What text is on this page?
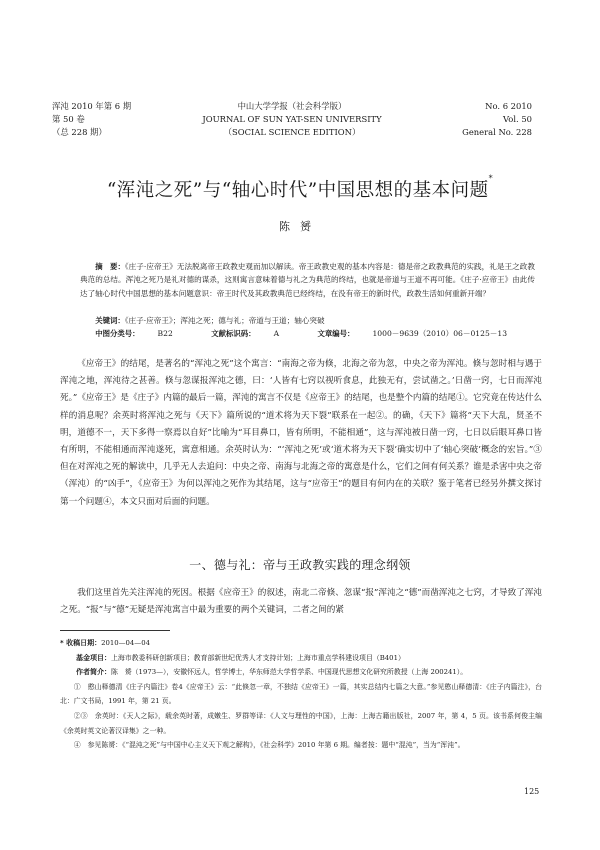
浑沌 2010 年第 6 期
第 50 卷
（总 228 期）
中山大学学报（社会科学版）
JOURNAL OF SUN YAT-SEN UNIVERSITY
（SOCIAL SCIENCE EDITION）
No. 6 2010
Vol. 50
General No. 228
“浑沌之死”与“轴心时代”中国思想的基本问题*
陈赟

摘　要：《庄子·应帝王》无法脱离帝王政教史观而加以解读。帝王政教史观的基本内容是：德是帝之政教典范的实践，礼是王之政教典范的总结。浑沌之死乃是礼对德的谋杀，这则寓言意味着德与礼之为典范的终结，也就是帝道与王道不再可能。《庄子·应帝王》由此传达了轴心时代中国思想的基本问题意识：帝王时代及其政教典范已经终结，在没有帝王的新时代，政教生活如何重新开端？

关键词：《庄子·应帝王》；浑沌之死；德与礼；帝道与王道；轴心突破
中图分类号： B22	文献标识码： A	文章编号： 1000－9639（2010）06－0125－13

《应帝王》的结尾，是著名的“浑沌之死”这个寓言：“南海之帝为倏，北海之帝为忽，中央之帝为浑沌。倏与忽时相与遇于浑沌之地，浑沌待之甚善。倏与忽谋报浑沌之德，曰：‘人皆有七窍以视听食息，此独无有，尝试凿之。’日凿一窍，七日而浑沌死。”《应帝王》是《庄子》内篇的最后一篇，浑沌的寓言不仅是《应帝王》的结尾，也是整个内篇的结尾①。它究竟在传达什么样的消息呢？余英时将浑沌之死与《天下》篇所说的“道术将为天下裂”联系在一起②。的确，《天下》篇将“天下大乱，贤圣不明，道德不一，天下多得一察焉以自好”比喻为“耳目鼻口，皆有所明，不能相通”，这与浑沌被日凿一窍，七日以后眼耳鼻口皆有所明，不能相通而浑沌遂死，寓意相通。余英时认为：“‘浑沌之死’或‘道术将为天下裂’确实切中了‘轴心突破’概念的宏旨。”③但在对浑沌之死的解读中，几乎无人去追问：中央之帝、南海与北海之帝的寓意是什么，它们之间有何关系？谁是杀害中央之帝（浑沌）的“凶手”，《应帝王》为何以浑沌之死作为其结尾，这与“应帝王”的题目有何内在的关联？鉴于笔者已经另外撰文探讨第一个问题④，本文只面对后面的问题。

一、德与礼：帝与王政教实践的理念纲领

我们这里首先关注浑沌的死因。根据《应帝王》的叙述，南北二帝倏、忽谋“报”浑沌之“德”而凿浑沌之七窍，才导致了浑沌之死。“报”与“德”无疑是浑沌寓言中最为重要的两个关键词，二者之间的紧

* 收稿日期：2010—04—04

基金项目：上海市教委科研创新项目；教育部新世纪优秀人才支持计划；上海市重点学科建设项目（B401）

作者简介：陈　赟（1973—），安徽怀远人，哲学博士，华东师范大学哲学系、中国现代思想文化研究所教授（上海 200241）。

①　憨山释德清《庄子内篇注》卷4《应帝王》云：“此倏忽一章，不独结《应帝王》一篇，其实总结内七篇之大意。”参见憨山释德清：《庄子内篇注》，台北：广文书局，1991 年，第 21 页。

②③　余英时：《天人之际》，载余英时著，成嫩生、罗群等译：《人文与理性的中国》，上海：上海古籍出版社，2007 年，第 4，5 页。该书系何俊主编《余英时英文论著汉译集》之一种。

④　参见陈赟：《“混沌之死”与中国中心主义天下观之解构》，《社会科学》2010 年第 6 期。编者按：题中“混沌”，当为“浑沌”。

125
